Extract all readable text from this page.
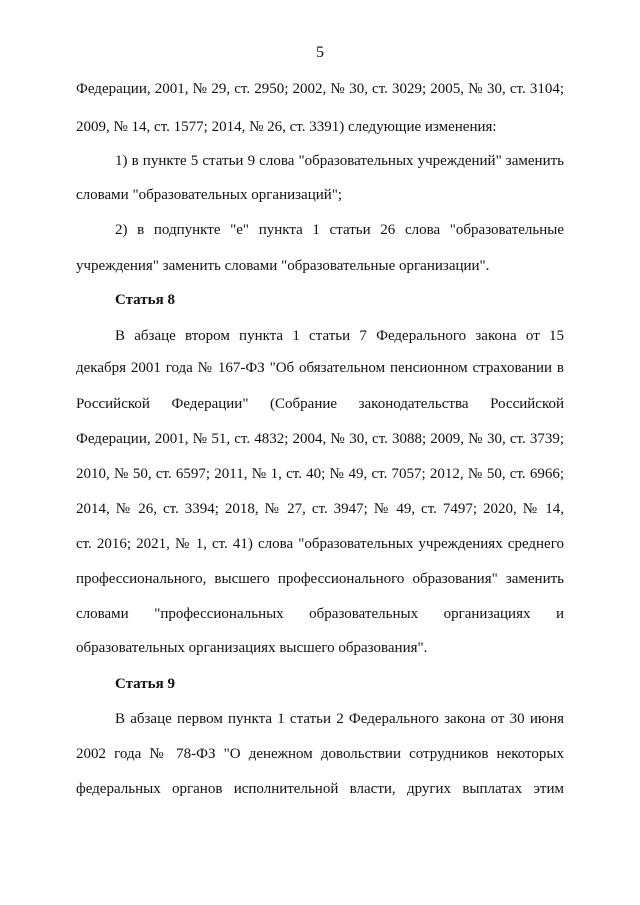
5
Федерации, 2001, № 29, ст. 2950; 2002, № 30, ст. 3029; 2005, № 30, ст. 3104;
2009, № 14, ст. 1577; 2014, № 26, ст. 3391) следующие изменения:
1) в пункте 5 статьи 9 слова "образовательных учреждений" заменить
словами "образовательных организаций";
2) в подпункте "е" пункта 1 статьи 26 слова "образовательные
учреждения" заменить словами "образовательные организации".
Статья 8
В абзаце втором пункта 1 статьи 7 Федерального закона от 15
декабря 2001 года № 167-ФЗ "Об обязательном пенсионном страховании в
Российской Федерации" (Собрание законодательства Российской
Федерации, 2001, № 51, ст. 4832; 2004, № 30, ст. 3088; 2009, № 30, ст. 3739;
2010, № 50, ст. 6597; 2011, № 1, ст. 40; № 49, ст. 7057; 2012, № 50, ст. 6966;
2014, № 26, ст. 3394; 2018, № 27, ст. 3947; № 49, ст. 7497; 2020, № 14,
ст. 2016; 2021, № 1, ст. 41) слова "образовательных учреждениях среднего
профессионального, высшего профессионального образования" заменить
словами "профессиональных образовательных организациях и
образовательных организациях высшего образования".
Статья 9
В абзаце первом пункта 1 статьи 2 Федерального закона от 30 июня
2002 года № 78-ФЗ "О денежном довольствии сотрудников некоторых
федеральных органов исполнительной власти, других выплатах этим
